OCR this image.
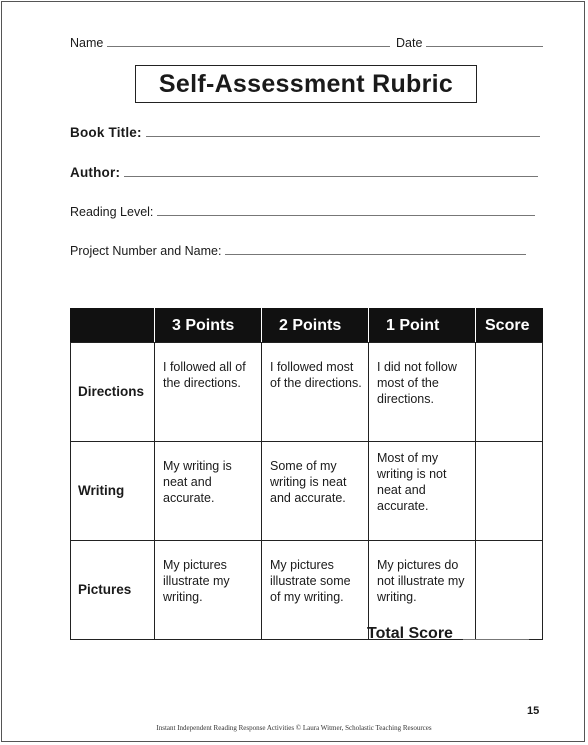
Name	Date
Self-Assessment Rubric
Book Title:
Author:
Reading Level:
Project Number and Name:
	3 Points	2 Points	1 Point	Score
Directions	I followed all of the directions.	I followed most of the directions.	I did not follow most of the directions.	
Writing	My writing is neat and accurate.	Some of my writing is neat and accurate.	Most of my writing is not neat and accurate.	
Pictures	My pictures illustrate my writing.	My pictures illustrate some of my writing.	My pictures do not illustrate my writing.	
Total Score
15
Instant Independent Reading Response Activities © Laura Witmer, Scholastic Teaching Resources
